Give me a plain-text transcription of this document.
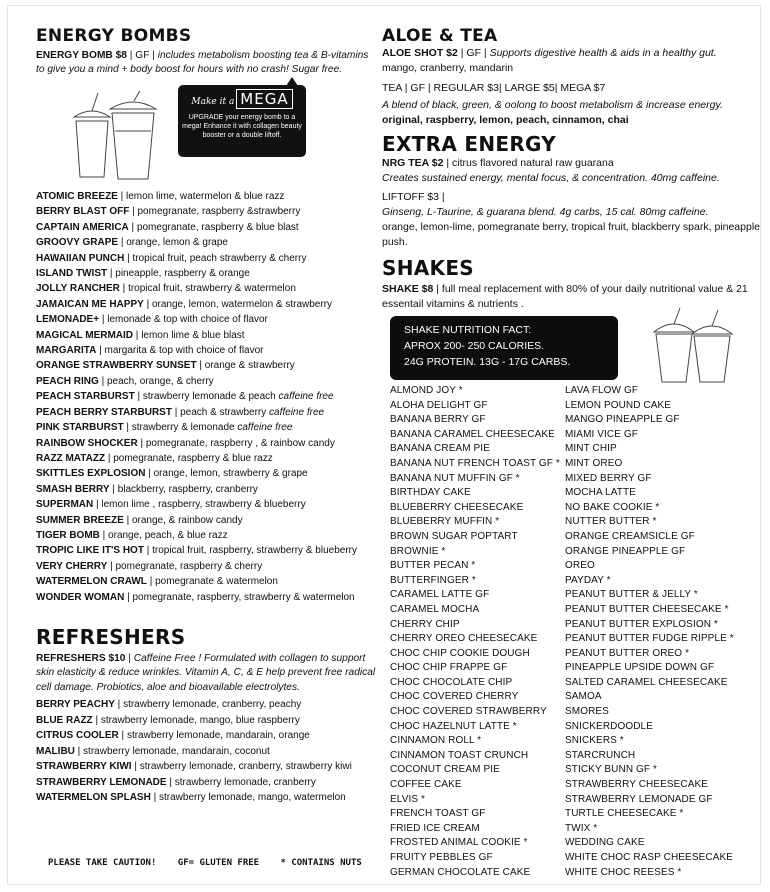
ENERGY BOMBS
ENERGY BOMB $8 | GF | includes metabolism boosting tea & B-vitamins to give you a mind + body boost for hours with no crash! Sugar free.
Make it a MEGA
UPGRADE your energy bomb to a mega! Enhance it with collagen beauty booster or a double liftoff.
ATOMIC BREEZE | lemon lime, watermelon & blue razz
BERRY BLAST OFF | pomegranate, raspberry &strawberry
CAPTAIN AMERICA | pomegranate, raspberry & blue blast
GROOVY GRAPE | orange, lemon & grape
HAWAIIAN PUNCH | tropical fruit, peach strawberry & cherry
ISLAND TWIST | pineapple, raspberry & orange
JOLLY RANCHER | tropical fruit, strawberry & watermelon
JAMAICAN ME HAPPY | orange, lemon, watermelon & strawberry
LEMONADE+ | lemonade & top with choice of flavor
MAGICAL MERMAID | lemon lime & blue blast
MARGARITA | margarita & top with choice of flavor
ORANGE STRAWBERRY SUNSET | orange & strawberry
PEACH RING | peach, orange, & cherry
PEACH STARBURST | strawberry lemonade & peach caffeine free
PEACH BERRY STARBURST | peach & strawberry caffeine free
PINK STARBURST | strawberry & lemonade caffeine free
RAINBOW SHOCKER | pomegranate, raspberry , & rainbow candy
RAZZ MATAZZ | pomegranate, raspberry & blue razz
SKITTLES EXPLOSION | orange, lemon, strawberry & grape
SMASH BERRY | blackberry, raspberry, cranberry
SUPERMAN | lemon lime , raspberry, strawberry & blueberry
SUMMER BREEZE | orange, & rainbow candy
TIGER BOMB | orange, peach, & blue razz
TROPIC LIKE IT'S HOT | tropical fruit, raspberry, strawberry & blueberry
VERY CHERRY | pomegranate, raspberry & cherry
WATERMELON CRAWL | pomegranate & watermelon
WONDER WOMAN | pomegranate, raspberry, strawberry & watermelon
REFRESHERS
REFRESHERS $10 | Caffeine Free ! Formulated with collagen to support skin elasticity & reduce wrinkles. Vitamin A, C, & E help prevent free radical cell damage. Probiotics, aloe and bioavailable electrolytes.
BERRY PEACHY | strawberry lemonade, cranberry, peachy
BLUE RAZZ | strawberry lemonade, mango, blue raspberry
CITRUS COOLER | strawberry lemonade, mandarain, orange
MALIBU | strawberry lemonade, mandarain, coconut
STRAWBERRY KIWI | strawberry lemonade, cranberry, strawberry kiwi
STRAWBERRY LEMONADE | strawberry lemonade, cranberry
WATERMELON SPLASH | strawberry lemonade, mango, watermelon
PLEASE TAKE CAUTION! GF= GLUTEN FREE * CONTAINS NUTS
ALOE & TEA
ALOE SHOT $2 | GF | Supports digestive health & aids in a healthy gut.
mango, cranberry, mandarin
TEA | GF | REGULAR $3| LARGE $5| MEGA $7
A blend of black, green, & oolong to boost metabolism & increase energy. original, raspberry, lemon, peach, cinnamon, chai
EXTRA ENERGY
NRG TEA $2 | citrus flavored natural raw guarana
Creates sustained energy, mental focus, & concentration. 40mg caffeine.
LIFTOFF $3 |
Ginseng, L-Taurine, & guarana blend. 4g carbs, 15 cal. 80mg caffeine.
orange, lemon-lime, pomegranate berry, tropical fruit, blackberry spark, pineapple push.
SHAKES
SHAKE $8 | full meal replacement with 80% of your daily nutritional value & 21 essentail vitamins & nutrients .
SHAKE NUTRITION FACT:
APROX 200- 250 CALORIES.
24G PROTEIN. 13G - 17G CARBS.
ALMOND JOY *
ALOHA DELIGHT GF
BANANA BERRY GF
BANANA CARAMEL CHEESECAKE
BANANA CREAM PIE
BANANA NUT FRENCH TOAST GF *
BANANA NUT MUFFIN GF *
BIRTHDAY CAKE
BLUEBERRY CHEESECAKE
BLUEBERRY MUFFIN *
BROWN SUGAR POPTART
BROWNIE *
BUTTER PECAN *
BUTTERFINGER *
CARAMEL LATTE GF
CARAMEL MOCHA
CHERRY CHIP
CHERRY OREO CHEESECAKE
CHOC CHIP COOKIE DOUGH
CHOC CHIP FRAPPE GF
CHOC CHOCOLATE CHIP
CHOC COVERED CHERRY
CHOC COVERED STRAWBERRY
CHOC HAZELNUT LATTE *
CINNAMON ROLL *
CINNAMON TOAST CRUNCH
COCONUT CREAM PIE
COFFEE CAKE
ELVIS *
FRENCH TOAST GF
FRIED ICE CREAM
FROSTED ANIMAL COOKIE *
FRUITY PEBBLES GF
GERMAN CHOCOLATE CAKE
LAVA FLOW GF
LEMON POUND CAKE
MANGO PINEAPPLE GF
MIAMI VICE GF
MINT CHIP
MINT OREO
MIXED BERRY GF
MOCHA LATTE
NO BAKE COOKIE *
NUTTER BUTTER *
ORANGE CREAMSICLE GF
ORANGE PINEAPPLE GF
OREO
PAYDAY *
PEANUT BUTTER & JELLY *
PEANUT BUTTER CHEESECAKE *
PEANUT BUTTER EXPLOSION *
PEANUT BUTTER FUDGE RIPPLE *
PEANUT BUTTER OREO *
PINEAPPLE UPSIDE DOWN GF
SALTED CARAMEL CHEESECAKE
SAMOA
SMORES
SNICKERDOODLE
SNICKERS *
STARCRUNCH
STICKY BUNN GF *
STRAWBERRY CHEESECAKE
STRAWBERRY LEMONADE GF
TURTLE CHEESECAKE *
TWIX *
WEDDING CAKE
WHITE CHOC RASP CHEESECAKE
WHITE CHOC REESES *
